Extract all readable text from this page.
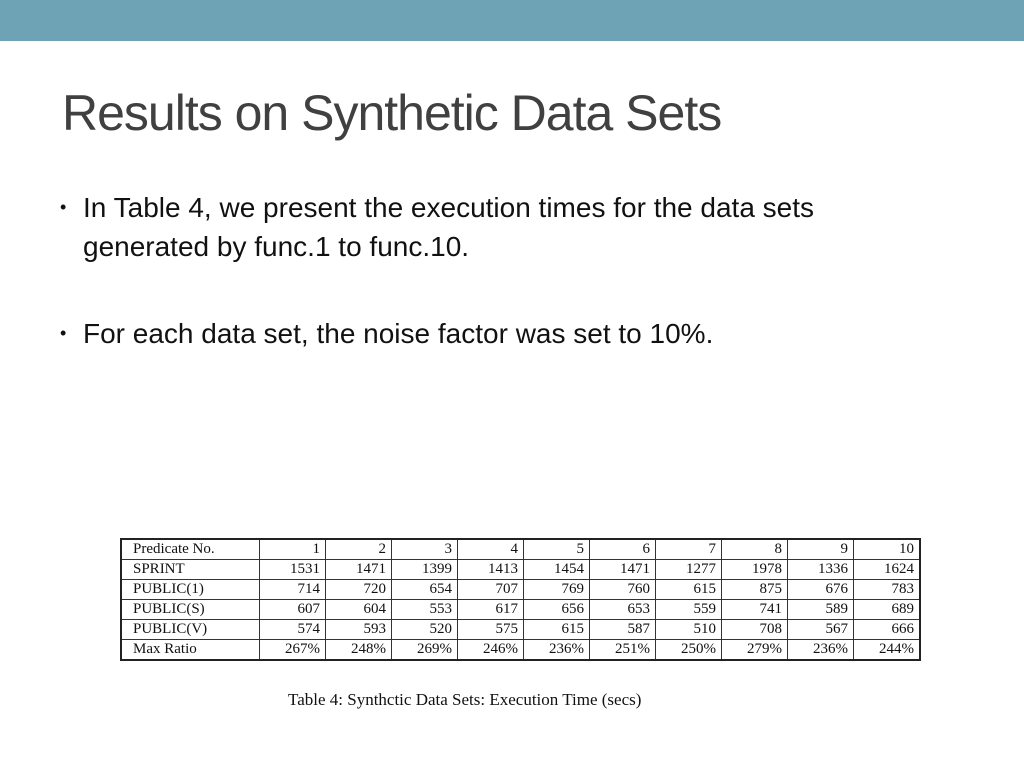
Results on Synthetic Data Sets
• In Table 4, we present the execution times for the data sets generated by func.1 to func.10.
• For each data set, the noise factor was set to 10%.
Predicate No.	1	2	3	4	5	6	7	8	9	10
SPRINT	1531	1471	1399	1413	1454	1471	1277	1978	1336	1624
PUBLIC(1)	714	720	654	707	769	760	615	875	676	783
PUBLIC(S)	607	604	553	617	656	653	559	741	589	689
PUBLIC(V)	574	593	520	575	615	587	510	708	567	666
Max Ratio	267%	248%	269%	246%	236%	251%	250%	279%	236%	244%

Table 4: Synthctic Data Sets: Execution Time (secs)
